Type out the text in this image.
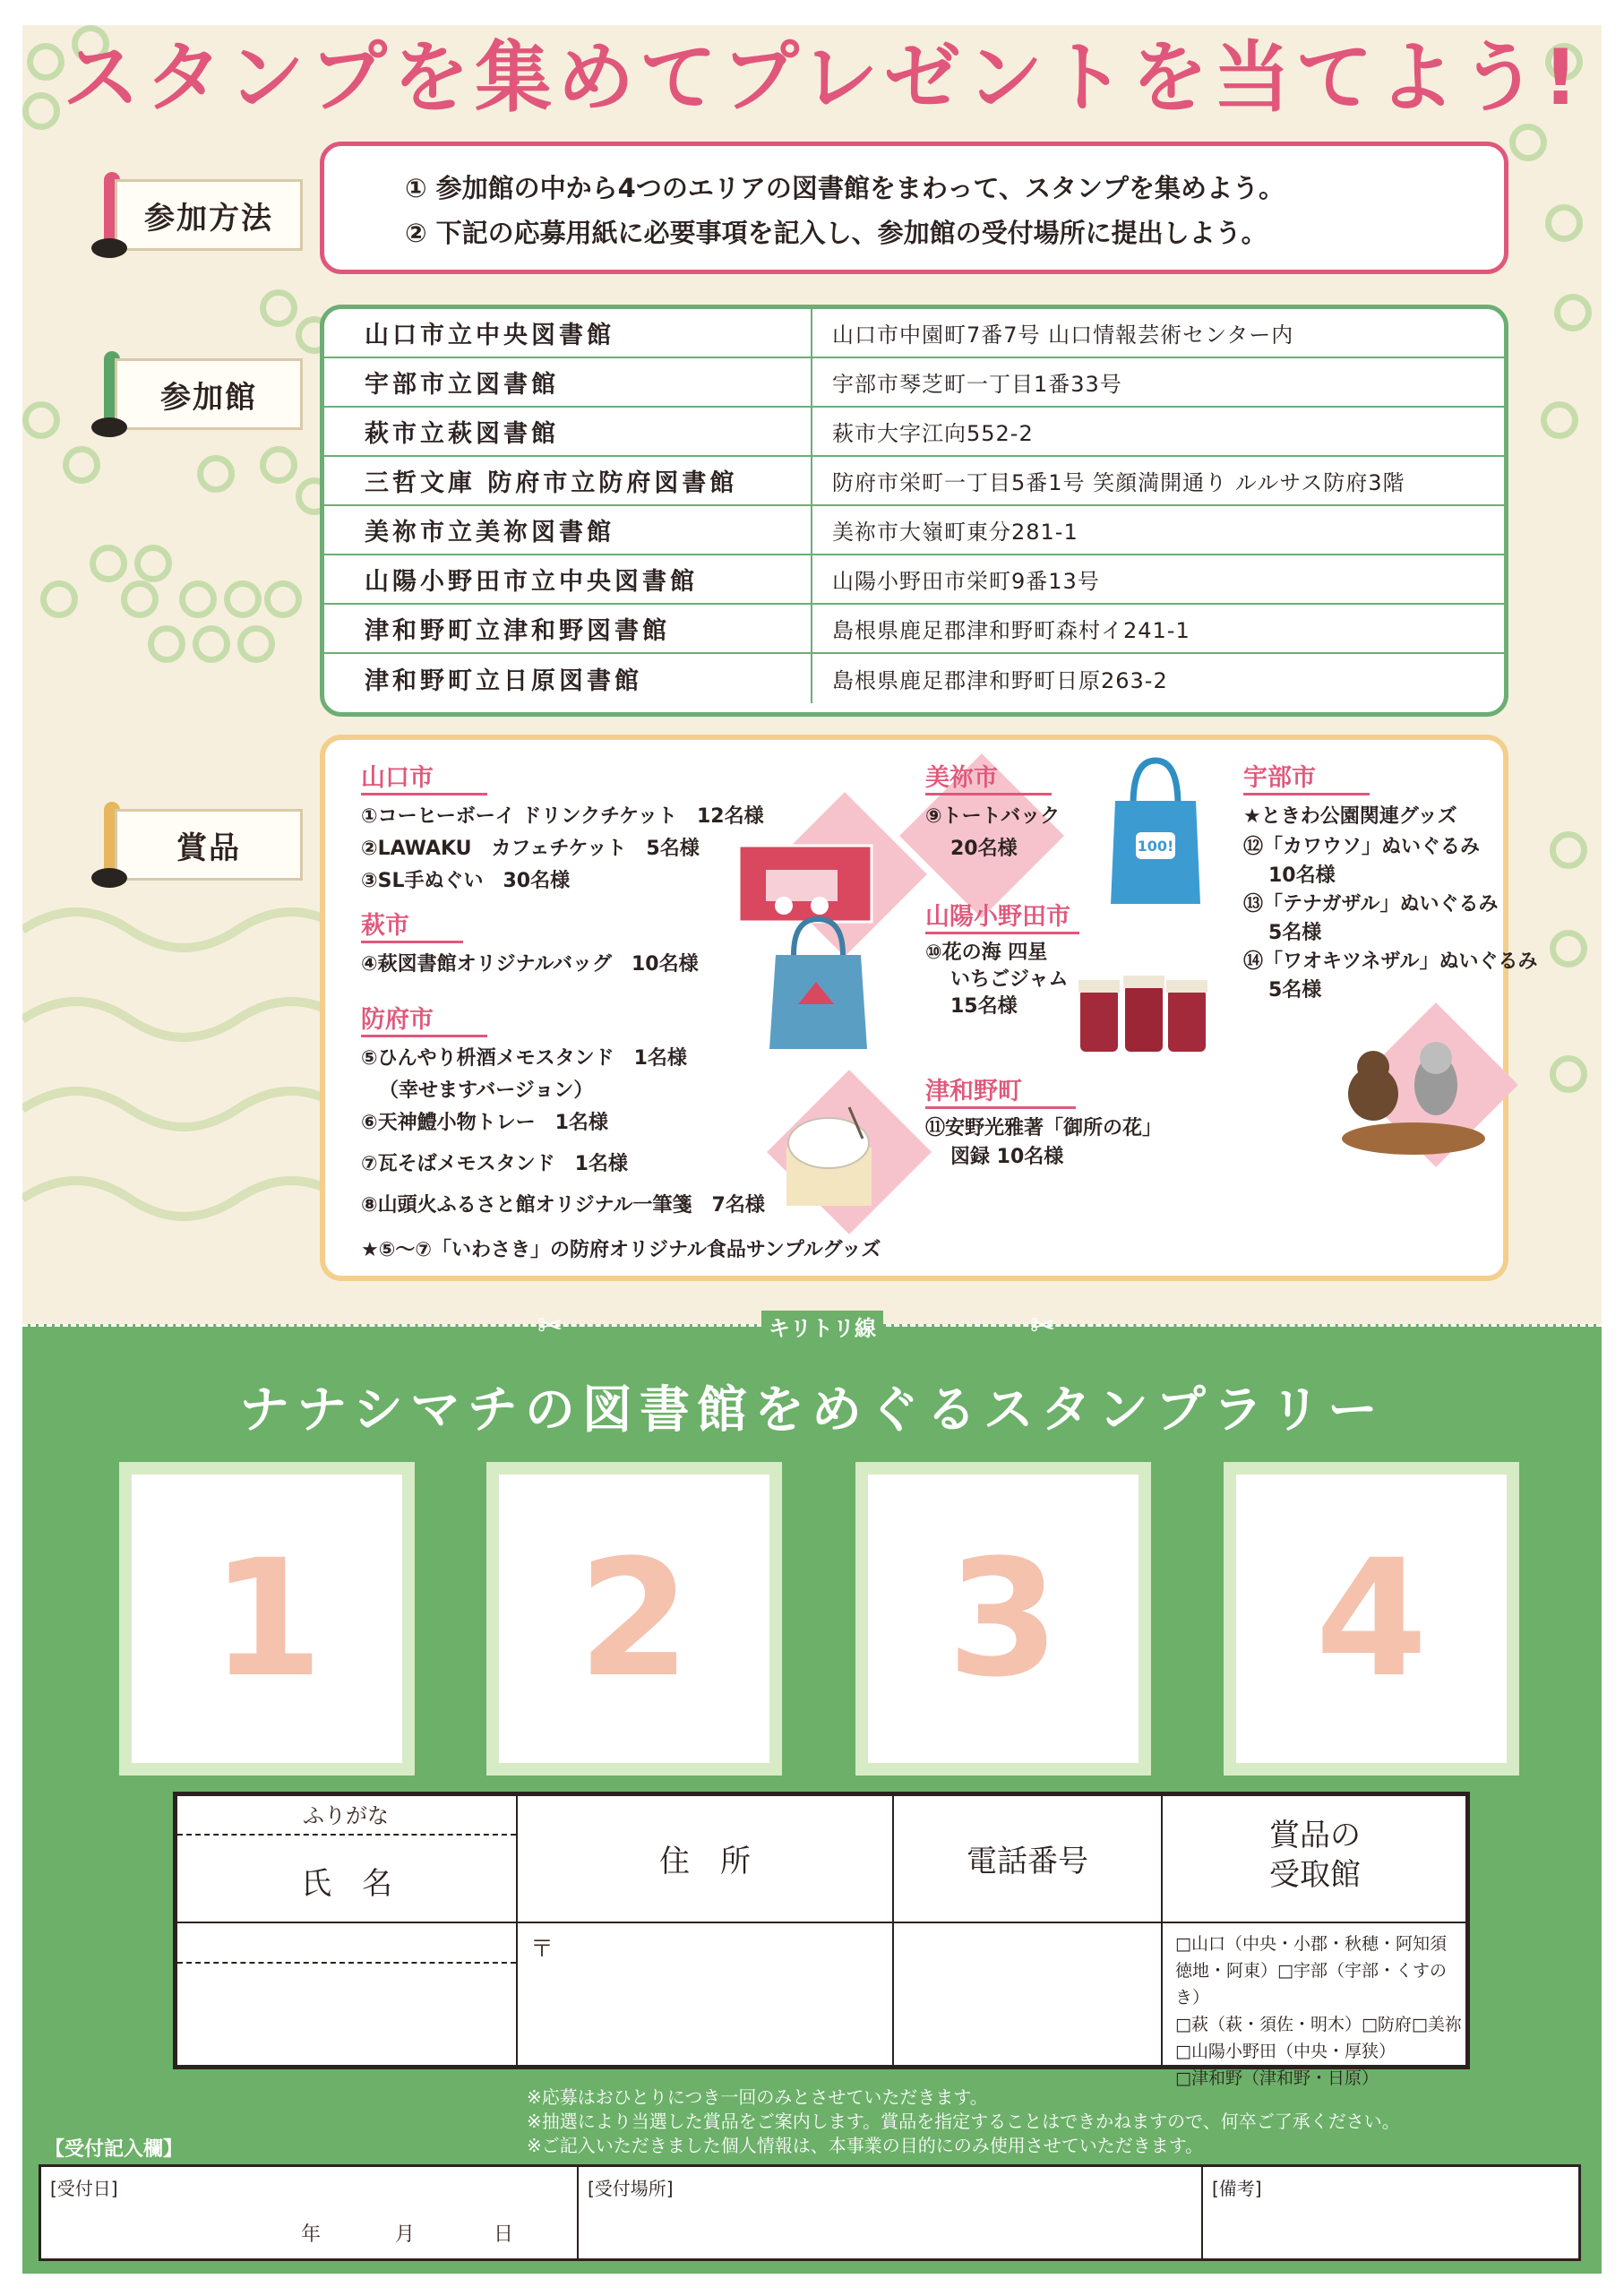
スタンプを集めてプレゼントを当てよう!
参加方法

① 参加館の中から4つのエリアの図書館をまわって、スタンプを集めよう。

② 下記の応募用紙に必要事項を記入し、参加館の受付場所に提出しよう。

参加館
山口市立中央図書館	山口市中園町7番7号 山口情報芸術センター内
宇部市立図書館	宇部市琴芝町一丁目1番33号
萩市立萩図書館	萩市大字江向552-2
三哲文庫 防府市立防府図書館	防府市栄町一丁目5番1号 笑顔満開通り ルルサス防府3階
美祢市立美祢図書館	美祢市大嶺町東分281-1
山陽小野田市立中央図書館	山陽小野田市栄町9番13号
津和野町立津和野図書館	島根県鹿足郡津和野町森村イ241-1
津和野町立日原図書館	島根県鹿足郡津和野町日原263-2
賞品
山口市
①コーヒーボーイ ドリンクチケット　12名様
②LAWAKU　カフェチケット　5名様
③SL手ぬぐい　30名様
萩市
④萩図書館オリジナルバッグ　10名様
防府市
⑤ひんやり枡酒メモスタンド　1名様
（幸せますバージョン）
⑥天神鱧小物トレー　1名様
⑦瓦そばメモスタンド　1名様
⑧山頭火ふるさと館オリジナル一筆箋　7名様
★⑤～⑦「いわさき」の防府オリジナル食品サンプルグッズ
100!
美祢市
⑨トートバック
20名様
山陽小野田市
⑩花の海 四星
いちごジャム
15名様
津和野町
⑪安野光雅著「御所の花」
図録 10名様
宇部市
★ときわ公園関連グッズ
⑫「カワウソ」ぬいぐるみ
10名様
⑬「テナガザル」ぬいぐるみ
5名様
⑭「ワオキツネザル」ぬいぐるみ
5名様
✂	✂
キリトリ線
ナナシマチの図書館をめぐるスタンプラリー
1 2 3 4
ふりがな
氏　名
住　所
〒
電話番号
賞品の
受取館
□山口（中央・小郡・秋穂・阿知須
徳地・阿東）□宇部（宇部・くすのき）
□萩（萩・須佐・明木）□防府□美祢
□山陽小野田（中央・厚狭）
□津和野（津和野・日原）
※応募はおひとりにつき一回のみとさせていただきます。
※抽選により当選した賞品をご案内します。賞品を指定することはできかねますので、何卒ご了承ください。
※ご記入いただきました個人情報は、本事業の目的にのみ使用させていただきます。
【受付記入欄】
[受付日]
年	月	日
[受付場所]	[備考]
